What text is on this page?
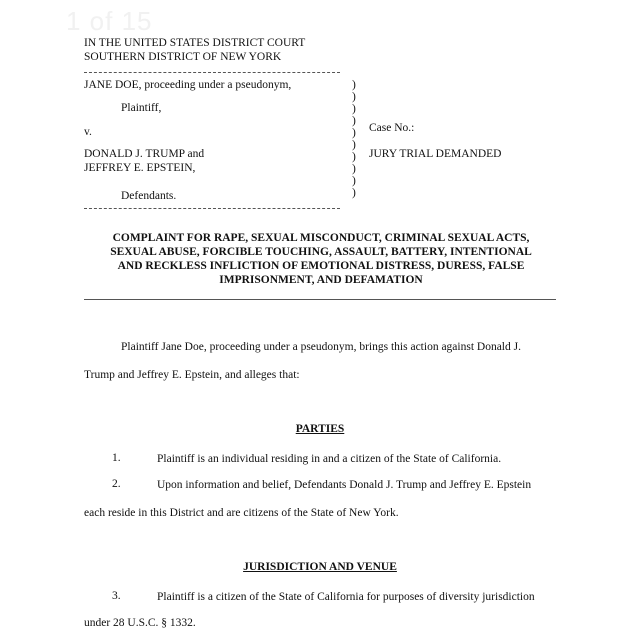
1 of 15
IN THE UNITED STATES DISTRICT COURT
SOUTHERN DISTRICT OF NEW YORK
JANE DOE, proceeding under a pseudonym,
Plaintiff,
v.
DONALD J. TRUMP and
JEFFREY E. EPSTEIN,
Defendants.
)
)
)
)
)
)
)
)
)
)
Case No.:
JURY TRIAL DEMANDED
COMPLAINT FOR RAPE, SEXUAL MISCONDUCT, CRIMINAL SEXUAL ACTS,
SEXUAL ABUSE, FORCIBLE TOUCHING, ASSAULT, BATTERY, INTENTIONAL
AND RECKLESS INFLICTION OF EMOTIONAL DISTRESS, DURESS, FALSE
IMPRISONMENT, AND DEFAMATION
Plaintiff Jane Doe, proceeding under a pseudonym, brings this action against Donald J.
Trump and Jeffrey E. Epstein, and alleges that:
PARTIES
1.	Plaintiff is an individual residing in and a citizen of the State of California.
2.	Upon information and belief, Defendants Donald J. Trump and Jeffrey E. Epstein
each reside in this District and are citizens of the State of New York.
JURISDICTION AND VENUE
3.	Plaintiff is a citizen of the State of California for purposes of diversity jurisdiction
under 28 U.S.C. § 1332.
